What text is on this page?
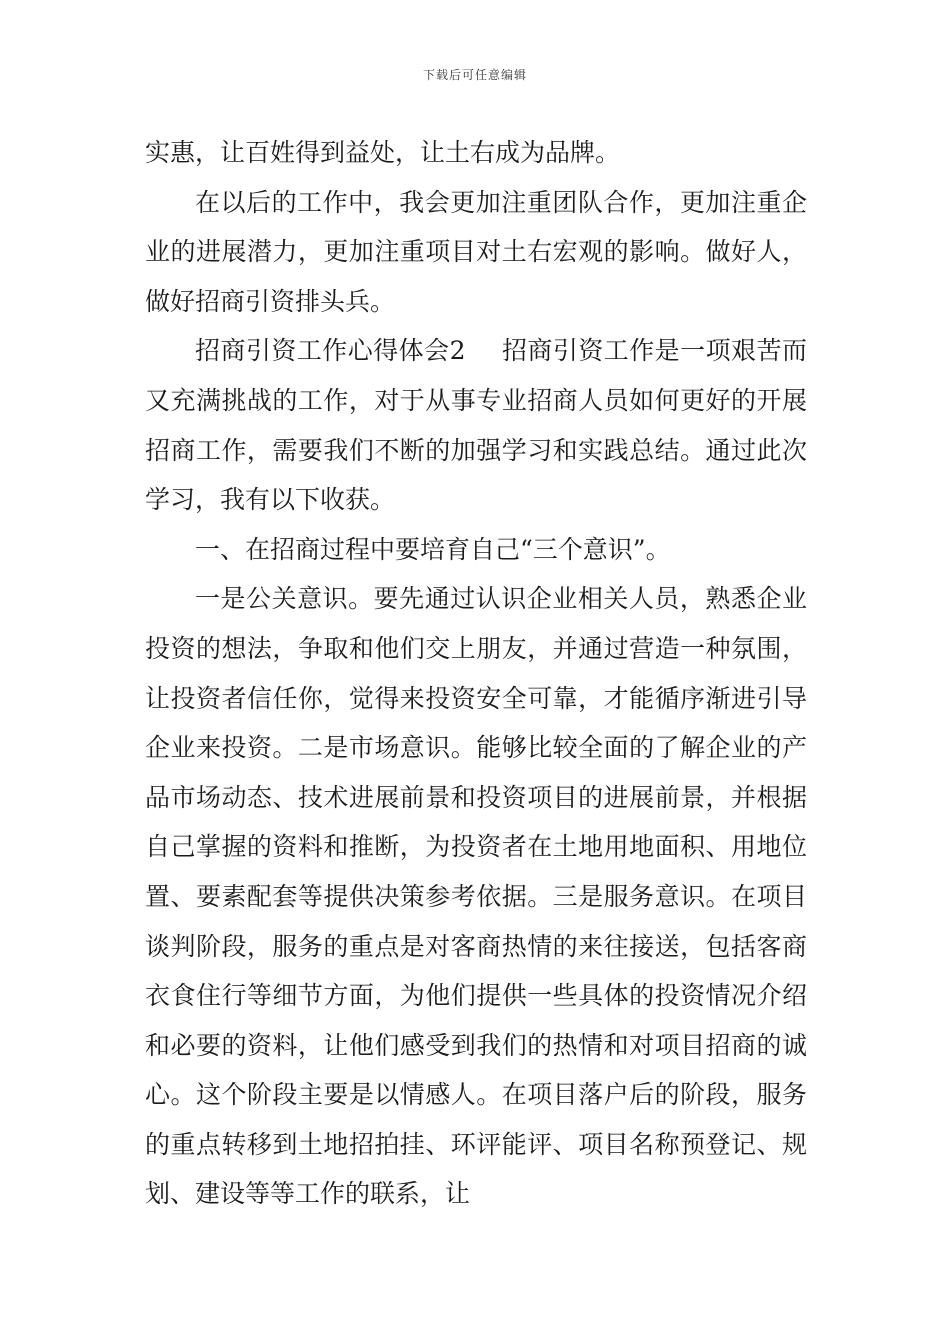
下载后可任意编辑

实惠，让百姓得到益处，让土右成为品牌。

在以后的工作中，我会更加注重团队合作，更加注重企业的进展潜力，更加注重项目对土右宏观的影响。做好人，做好招商引资排头兵。

招商引资工作心得体会2 招商引资工作是一项艰苦而又充满挑战的工作，对于从事专业招商人员如何更好的开展招商工作，需要我们不断的加强学习和实践总结。通过此次学习，我有以下收获。

一、在招商过程中要培育自己“三个意识”。

一是公关意识。要先通过认识企业相关人员，熟悉企业投资的想法，争取和他们交上朋友，并通过营造一种氛围，让投资者信任你，觉得来投资安全可靠，才能循序渐进引导企业来投资。二是市场意识。能够比较全面的了解企业的产品市场动态、技术进展前景和投资项目的进展前景，并根据自己掌握的资料和推断，为投资者在土地用地面积、用地位置、要素配套等提供决策参考依据。三是服务意识。在项目谈判阶段，服务的重点是对客商热情的来往接送，包括客商衣食住行等细节方面，为他们提供一些具体的投资情况介绍和必要的资料，让他们感受到我们的热情和对项目招商的诚心。这个阶段主要是以情感人。在项目落户后的阶段，服务的重点转移到土地招拍挂、环评能评、项目名称预登记、规划、建设等等工作的联系，让
